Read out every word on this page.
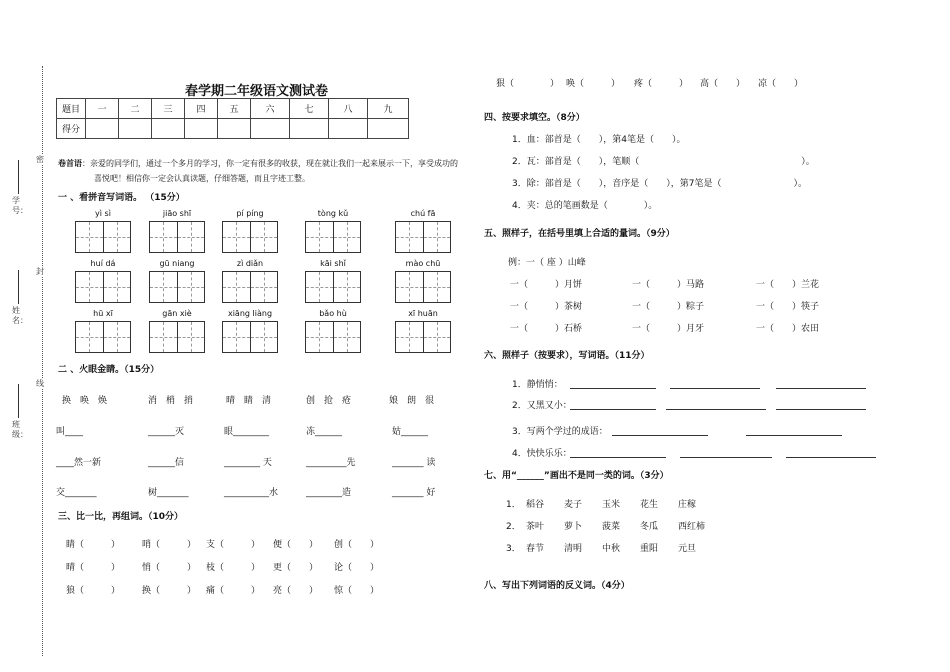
学号：
姓名：
班级：
密
封
线
春学期二年级语文测试卷
题目	一	二	三	四	五	六	七	八	九
得分									
卷首语：亲爱的同学们，通过一个多月的学习，你一定有很多的收获，现在就让我们一起来展示一下，享受成功的
喜悦吧！相信你一定会认真读题，仔细答题，而且字迹工整。
一 、看拼音写词语。 （15分）
yì sì	jiāo shī	pí píng	tòng kǔ	chú fā
huí dá	gū niang	zì diǎn	kāi shǐ	mào chū
hū xī	gān xiè	xiāng liàng	bǎo hù	xī huān
二 、火眼金睛。（15分）
换　唤　焕	消　梢　捎	晴　睛　清	创　抢　疮	娘　朗　很
叫____	______灭	眼________	冻______	姑______
____然一新	______信	________ 天	_________先	_______ 读
交_______	树_______	__________水	________造	_______ 好
三、比一比，再组词。（10分）
睛（　　　） 哨（　　　） 支（　　　） 便（　　） 创（　　）
晴（　　　） 悄（　　　） 枝（　　　） 更（　　） 论（　　）
狼（　　　） 换（　　　） 痛（　　　） 亮（　　） 惊（　　）
狠（　　　　） 唤（　　　） 疼（　　　） 高（　　） 凉（　　）
四、按要求填空。（8分）
1．血：部首是（　　），第4笔是（　　）。
2．瓦：部首是（　　），笔顺（　　　　　　　　　　　　　　　　　　）。
3．除：部首是（　　），音序是（　　），第7笔是（　　　　　　　　）。
4．夹：总的笔画数是（　　　　）。
五、照样子，在括号里填上合适的量词。（9分）
例：一（ 座 ）山峰
一（　　　）月饼	一（　　　）马路	一（　　）兰花
一（　　　）茶树	一（　　　）粽子	一（　　）筷子
一（　　　）石桥	一（　　　）月牙	一（　　）农田
六、照样子（按要求），写词语。（11分）
1．静悄悄：
2．又黑又小：
3．写两个学过的成语：
4．快快乐乐：
七、用“______”画出不是同一类的词。（3分）
1． 稻谷 麦子 玉米 花生 庄稼
2． 茶叶 萝卜 菠菜 冬瓜 西红柿
3． 春节 清明 中秋 重阳 元旦
八、写出下列词语的反义词。（4分）
